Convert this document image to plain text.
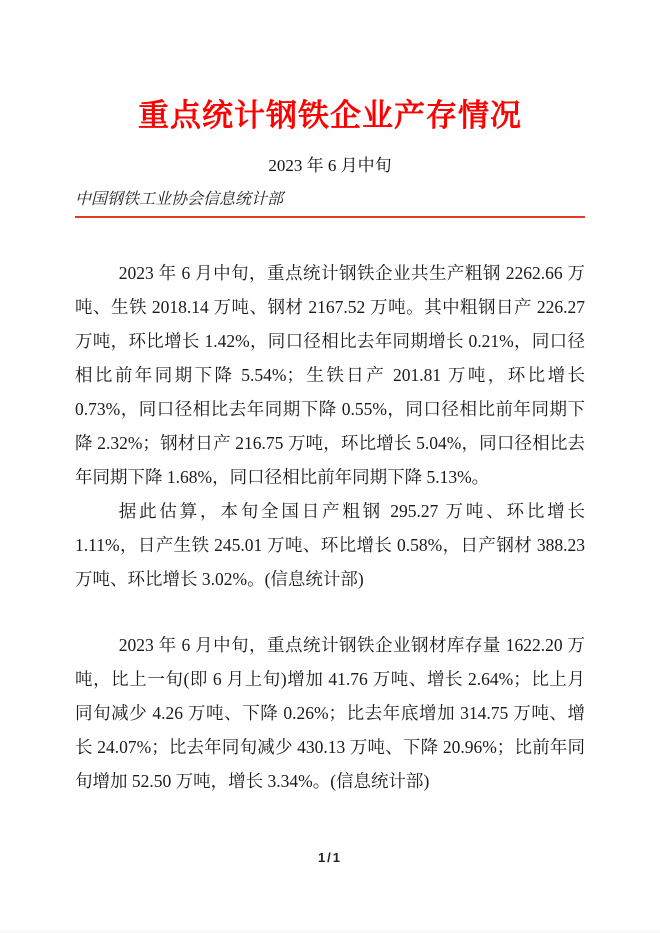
重点统计钢铁企业产存情况
2023 年 6 月中旬
中国钢铁工业协会信息统计部

2023 年 6 月中旬，重点统计钢铁企业共生产粗钢 2262.66 万吨、生铁 2018.14 万吨、钢材 2167.52 万吨。其中粗钢日产 226.27 万吨，环比增长 1.42%，同口径相比去年同期增长 0.21%，同口径相比前年同期下降 5.54%；生铁日产 201.81 万吨，环比增长 0.73%，同口径相比去年同期下降 0.55%，同口径相比前年同期下降 2.32%；钢材日产 216.75 万吨，环比增长 5.04%，同口径相比去年同期下降 1.68%，同口径相比前年同期下降 5.13%。

据此估算，本旬全国日产粗钢 295.27 万吨、环比增长 1.11%，日产生铁 245.01 万吨、环比增长 0.58%，日产钢材 388.23 万吨、环比增长 3.02%。(信息统计部)

2023 年 6 月中旬，重点统计钢铁企业钢材库存量 1622.20 万吨，比上一旬(即 6 月上旬)增加 41.76 万吨、增长 2.64%；比上月同旬减少 4.26 万吨、下降 0.26%；比去年底增加 314.75 万吨、增长 24.07%；比去年同旬减少 430.13 万吨、下降 20.96%；比前年同旬增加 52.50 万吨，增长 3.34%。(信息统计部)

1/1
